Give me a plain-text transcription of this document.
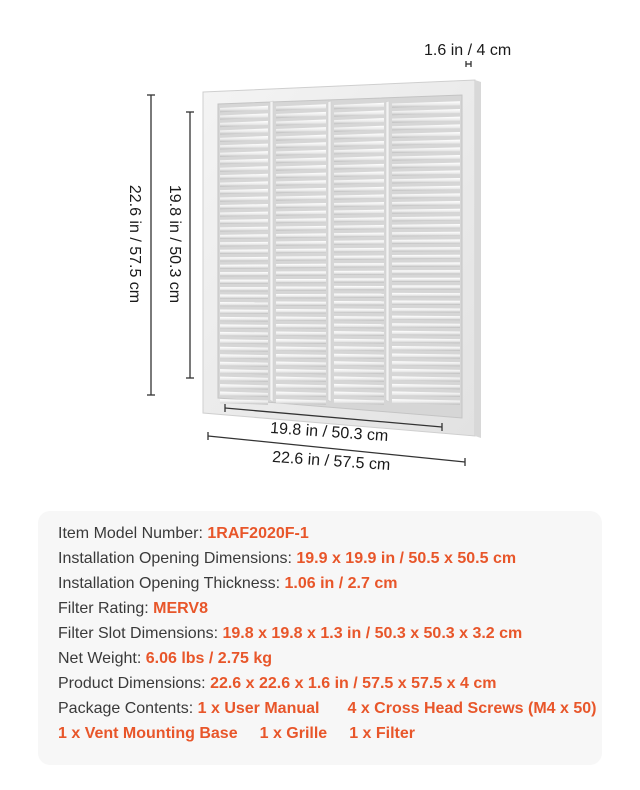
1.6 in / 4 cm
22.6 in / 57.5 cm 19.8 in / 50.3 cm
19.8 in / 50.3 cm
22.6 in / 57.5 cm
Item Model Number: 1RAF2020F-1
Installation Opening Dimensions: 19.9 x 19.9 in / 50.5 x 50.5 cm
Installation Opening Thickness: 1.06 in / 2.7 cm
Filter Rating: MERV8
Filter Slot Dimensions: 19.8 x 19.8 x 1.3 in / 50.3 x 50.3 x 3.2 cm
Net Weight: 6.06 lbs / 2.75 kg
Product Dimensions: 22.6 x 22.6 x 1.6 in / 57.5 x 57.5 x 4 cm
Package Contents: 1 x User Manual 4 x Cross Head Screws (M4 x 50)
1 x Vent Mounting Base 1 x Grille 1 x Filter
